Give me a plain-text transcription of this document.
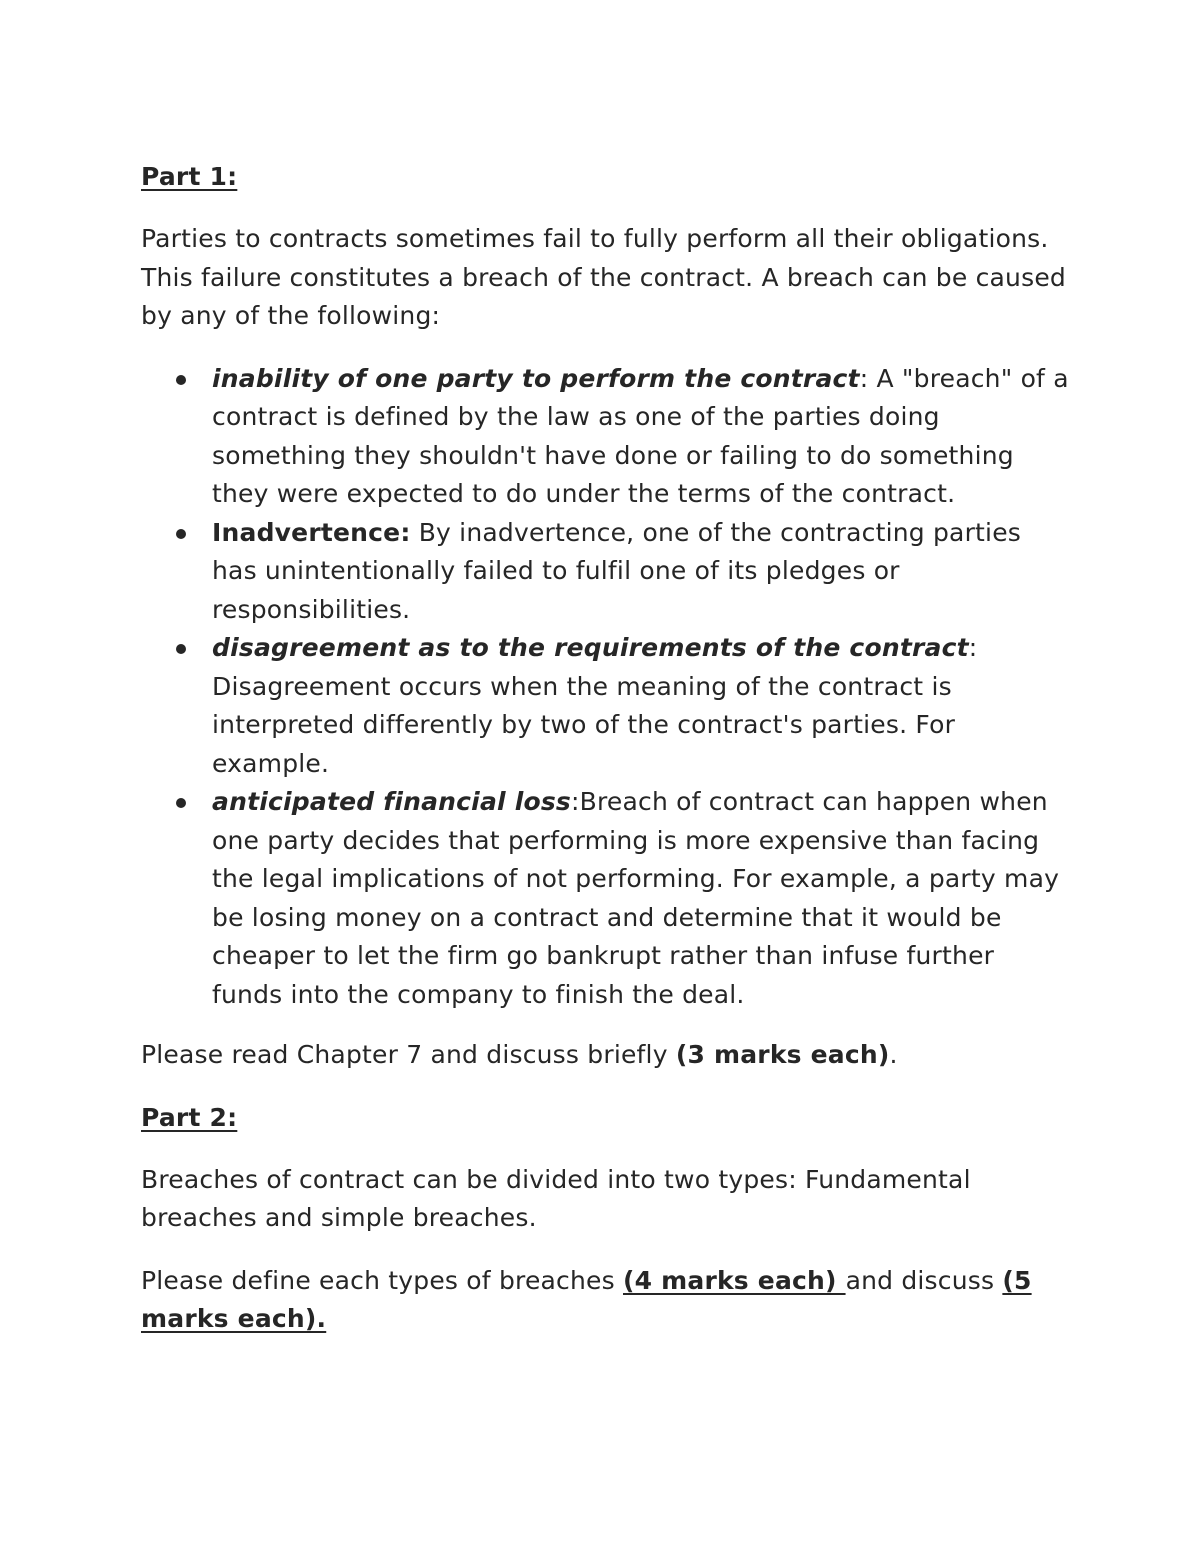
Part 1:

Parties to contracts sometimes fail to fully perform all their obligations. This failure constitutes a breach of the contract. A breach can be caused by any of the following:

inability of one party to perform the contract: A "breach" of a contract is defined by the law as one of the parties doing something they shouldn't have done or failing to do something they were expected to do under the terms of the contract.
Inadvertence: By inadvertence, one of the contracting parties has unintentionally failed to fulfil one of its pledges or responsibilities.
disagreement as to the requirements of the contract: Disagreement occurs when the meaning of the contract is interpreted differently by two of the contract's parties. For example.
anticipated financial loss:Breach of contract can happen when one party decides that performing is more expensive than facing the legal implications of not performing. For example, a party may be losing money on a contract and determine that it would be cheaper to let the firm go bankrupt rather than infuse further funds into the company to finish the deal.

Please read Chapter 7 and discuss briefly (3 marks each).

Part 2:

Breaches of contract can be divided into two types: Fundamental breaches and simple breaches.

Please define each types of breaches (4 marks each) and discuss (5 marks each).
